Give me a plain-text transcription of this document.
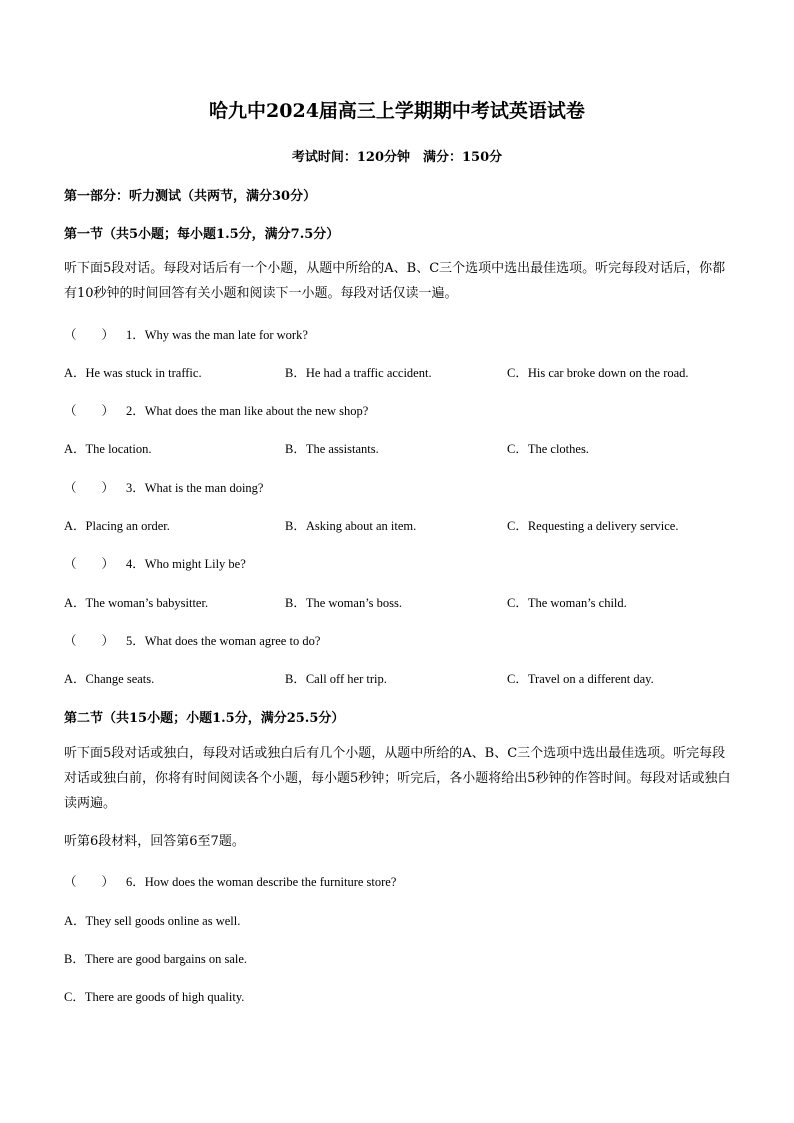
哈九中2024届高三上学期期中考试英语试卷
考试时间：120分钟　满分：150分
第一部分：听力测试（共两节，满分30分）
第一节（共5小题；每小题1.5分，满分7.5分）
听下面5段对话。每段对话后有一个小题，从题中所给的A、B、C三个选项中选出最佳选项。听完每段对话后，你都有10秒钟的时间回答有关小题和阅读下一小题。每段对话仅读一遍。
（　　） 1．Why was the man late for work?
A．He was stuck in traffic.	B．He had a traffic accident.	C．His car broke down on the road.
（　　） 2．What does the man like about the new shop?
A．The location.	B．The assistants.	C．The clothes.
（　　） 3．What is the man doing?
A．Placing an order.	B．Asking about an item.	C．Requesting a delivery service.
（　　） 4．Who might Lily be?
A．The woman’s babysitter.	B．The woman’s boss.	C．The woman’s child.
（　　） 5．What does the woman agree to do?
A．Change seats.	B．Call off her trip.	C．Travel on a different day.
第二节（共15小题；小题1.5分，满分25.5分）
听下面5段对话或独白，每段对话或独白后有几个小题，从题中所给的A、B、C三个选项中选出最佳选项。听完每段对话或独白前，你将有时间阅读各个小题，每小题5秒钟；听完后，各小题将给出5秒钟的作答时间。每段对话或独白读两遍。
听第6段材料，回答第6至7题。
（　　） 6．How does the woman describe the furniture store?
A．They sell goods online as well.
B．There are good bargains on sale.
C．There are goods of high quality.
